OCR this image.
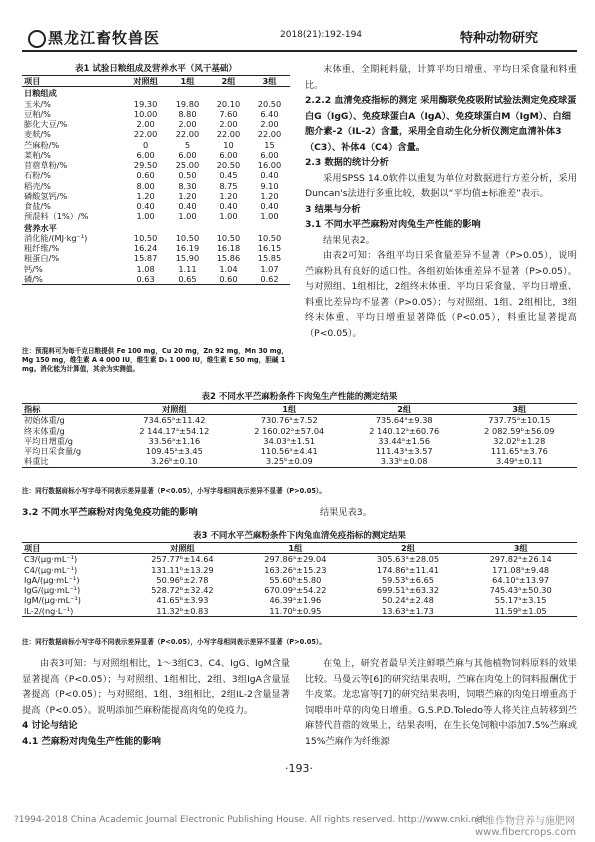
黑龙江畜牧兽医	2018(21):192-194	特种动物研究
表1 试验日粮组成及营养水平（风干基础）
项目	对照组	1组	2组	3组
日粮组成				
玉米/%	19.30	19.80	20.10	20.50
豆粕/%	10.00	8.80	7.60	6.40
膨化大豆/%	2.00	2.00	2.00	2.00
麦麸/%	22.00	22.00	22.00	22.00
苎麻粉/%	0	5	10	15
菜粕/%	6.00	6.00	6.00	6.00
苜蓿草粉/%	29.50	25.00	20.50	16.00
石粉/%	0.60	0.50	0.45	0.40
稻壳/%	8.00	8.30	8.75	9.10
磷酸氢钙/%	1.20	1.20	1.20	1.20
食盐/%	0.40	0.40	0.40	0.40
预混料（1%）/%	1.00	1.00	1.00	1.00
营养水平				
消化能/(MJ·kg⁻¹)	10.50	10.50	10.50	10.50
粗纤维/%	16.24	16.19	16.18	16.15
粗蛋白/%	15.87	15.90	15.86	15.85
钙/%	1.08	1.11	1.04	1.07
磷/%	0.63	0.65	0.60	0.62
注：预混料可为每千克日粮提供 Fe 100 mg，Cu 20 mg，Zn 92 mg，Mn 30 mg，Mg 150 mg，维生素 A 4 000 IU，维生素 D₃ 1 000 IU，维生素 E 50 mg，胆碱 1 mg。消化能为计算值，其余为实测值。
末体重、全期耗料量，计算平均日增重、平均日采食量和料重比。
2.2.2 血清免疫指标的测定 采用酶联免疫吸附试验法测定免疫球蛋白G（IgG）、免疫球蛋白A（IgA）、免疫球蛋白M（IgM）、白细胞介素-2（IL-2）含量，采用全自动生化分析仪测定血清补体3（C3）、补体4（C4）含量。
2.3 数据的统计分析
采用SPSS 14.0软件以重复为单位对数据进行方差分析，采用Duncan's法进行多重比较，数据以“平均值±标准差”表示。
3 结果与分析
3.1 不同水平苎麻粉对肉兔生产性能的影响
结果见表2。
由表2可知：各组平均日采食量差异不显著（P>0.05），说明苎麻粉具有良好的适口性。各组初始体重差异不显著（P>0.05）。与对照组、1组相比，2组终末体重、平均日采食量、平均日增重、料重比差异均不显著（P>0.05）；与对照组、1组、2组相比，3组终末体重、平均日增重显著降低（P<0.05），料重比显著提高（P<0.05）。
表2 不同水平苎麻粉条件下肉兔生产性能的测定结果
指标	对照组	1组	2组	3组
初始体重/g	734.65ᵃ±11.42	730.76ᵃ±7.52	735.64ᵃ±9.38	737.75ᵃ±10.15
终末体重/g	2 144.17ᵃ±54.12	2 160.02ᵃ±57.04	2 140.12ᵃ±60.76	2 082.59ᵇ±56.09
平均日增重/g	33.56ᵃ±1.16	34.03ᵃ±1.51	33.44ᵃ±1.56	32.02ᵇ±1.28
平均日采食量/g	109.45ᵃ±3.45	110.56ᵃ±4.41	111.43ᵃ±3.57	111.65ᵃ±3.76
料重比	3.26ᵇ±0.10	3.25ᵇ±0.09	3.33ᵇ±0.08	3.49ᵃ±0.11
注：同行数据肩标小写字母不同表示差异显著（P<0.05），小写字母相同表示差异不显著（P>0.05）。
3.2 不同水平苎麻粉对肉兔免疫功能的影响	结果见表3。
表3 不同水平苎麻粉条件下肉兔血清免疫指标的测定结果
项目	对照组	1组	2组	3组
C3/(μg·mL⁻¹)	257.77ᵇ±14.64	297.86ᵃ±29.04	305.63ᵃ±28.05	297.82ᵃ±26.14
C4/(μg·mL⁻¹)	131.11ᵇ±13.29	163.26ᵃ±15.23	174.86ᵃ±11.41	171.08ᵃ±9.48
IgA/(μg·mL⁻¹)	50.96ᵇ±2.78	55.60ᵇ±5.80	59.53ᵇ±6.65	64.10ᵃ±13.97
IgG/(μg·mL⁻¹)	528.72ᵇ±32.42	670.09ᵃ±54.22	699.51ᵃ±63.32	745.43ᵃ±50.30
IgM/(μg·mL⁻¹)	41.65ᵇ±3.93	46.39ᵃ±1.96	50.24ᵃ±2.48	55.17ᵃ±3.15
IL-2/(ng·L⁻¹)	11.32ᵇ±0.83	11.70ᵇ±0.95	13.63ᵃ±1.73	11.59ᵇ±1.05
注：同行数据肩标小写字母不同表示差异显著（P<0.05），小写字母相同表示差异不显著（P>0.05）。
由表3可知：与对照组相比，1～3组C3、C4、IgG、IgM含量显著提高（P<0.05）；与对照组、1组相比，2组、3组IgA含量显著提高（P<0.05）；与对照组、1组、3组相比，2组IL-2含量显著提高（P<0.05）。说明添加苎麻粉能提高肉兔的免疫力。
4 讨论与结论
4.1 苎麻粉对肉兔生产性能的影响
在兔上，研究者最早关注鲜喂苎麻与其他植物饲料原料的效果比较。马曼云等[6]的研究结果表明，苎麻在肉兔上的饲料报酬优于牛皮菜。龙忠富等[7]的研究结果表明，饲喂苎麻的肉兔日增重高于饲喂串叶草的肉兔日增重。G.S.P.D.Toledo等人将关注点转移到苎麻替代苜蓿的效果上，结果表明，在生长兔饲粮中添加7.5%苎麻或15%苎麻作为纤维源
·193·
?1994-2018 China Academic Journal Electronic Publishing House. All rights reserved. http://www.cnki.net
纤维作物营养与施肥网 www.fibercrops.com
